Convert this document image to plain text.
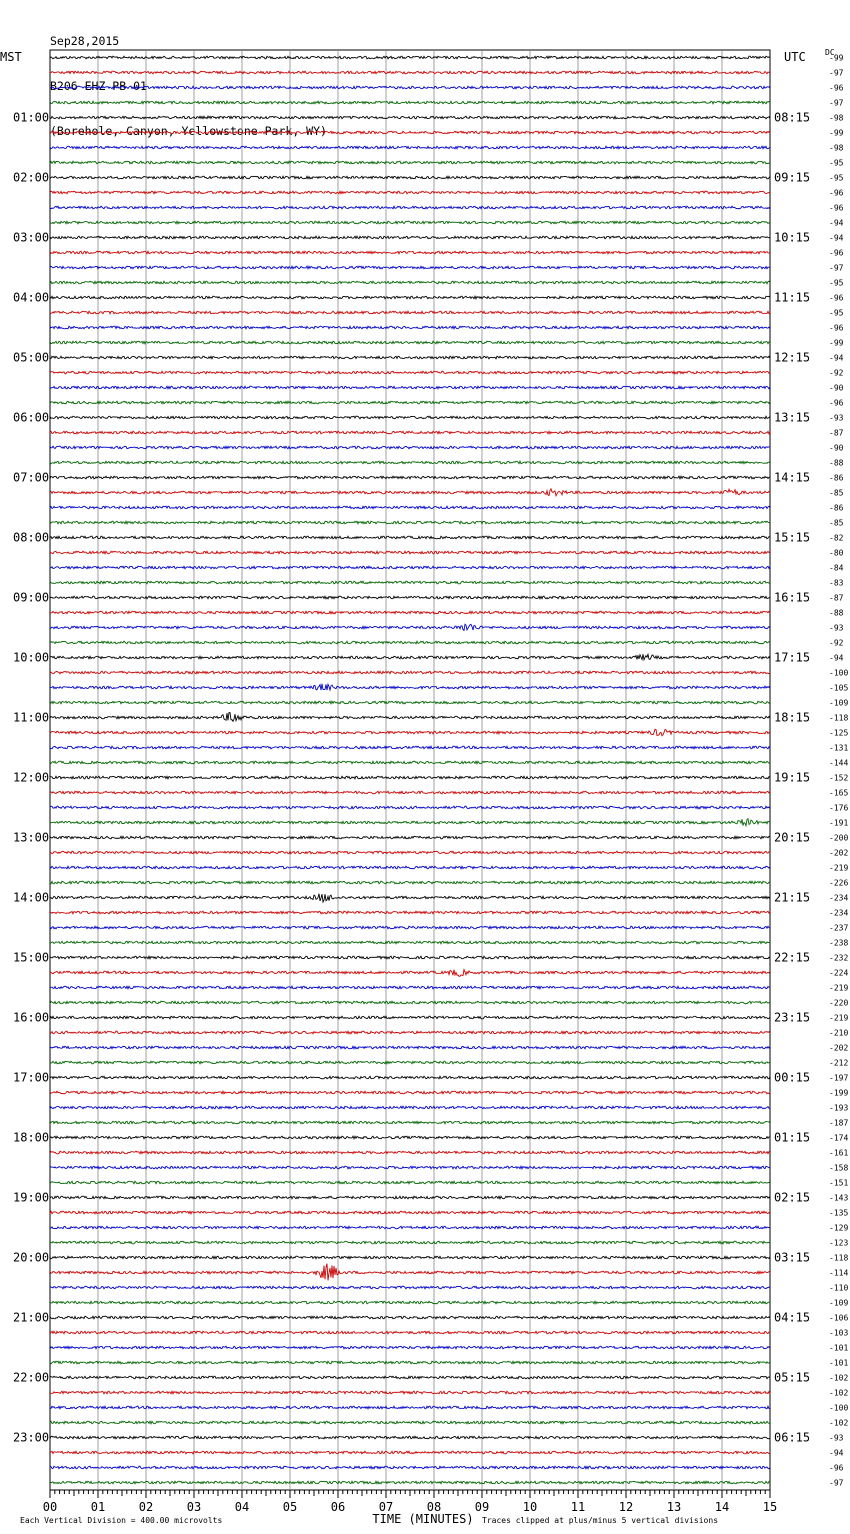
Sep28,2015

B206 EHZ PB 01

(Borehole, Canyon, Yellowstone Park, WY)

-99
-97
-96
-97
-98
-99
-98
-95
-95
-96
-96
-94
-94
-96
-97
-95
-96
-95
-96
-99
-94
-92
-90
-96
-93
-87
-90
-88
-86
-85
-86
-85
-82
-80
-84
-83
-87
-88
-93
-92
-94
-100
-105
-109
-118
-125
-131
-144
-152
-165
-176
-191
-200
-202
-219
-226
-234
-234
-237
-238
-232
-224
-219
-220
-219
-210
-202
-212
-197
-199
-193
-187
-174
-161
-158
-151
-143
-135
-129
-123
-118
-114
-110
-109
-106
-103
-101
-101
-102
-102
-100
-102
-93
-94
-96
-97
DC
MST	UTC
01:00
02:00
03:00
04:00
05:00
06:00
07:00
08:00
09:00
10:00
11:00
12:00
13:00
14:00
15:00
16:00
17:00
18:00
19:00
20:00
21:00
22:00
23:00
08:15
09:15
10:15
11:15
12:15
13:15
14:15
15:15
16:15
17:15
18:15
19:15
20:15
21:15
22:15
23:15
00:15
01:15
02:15
03:15
04:15
05:15
06:15
00	01	02	03	04	05	06	07	08	09	10	11	12	13	14	15
TIME (MINUTES)
Each Vertical Division = 400.00 microvolts	Traces clipped at plus/minus 5 vertical divisions
